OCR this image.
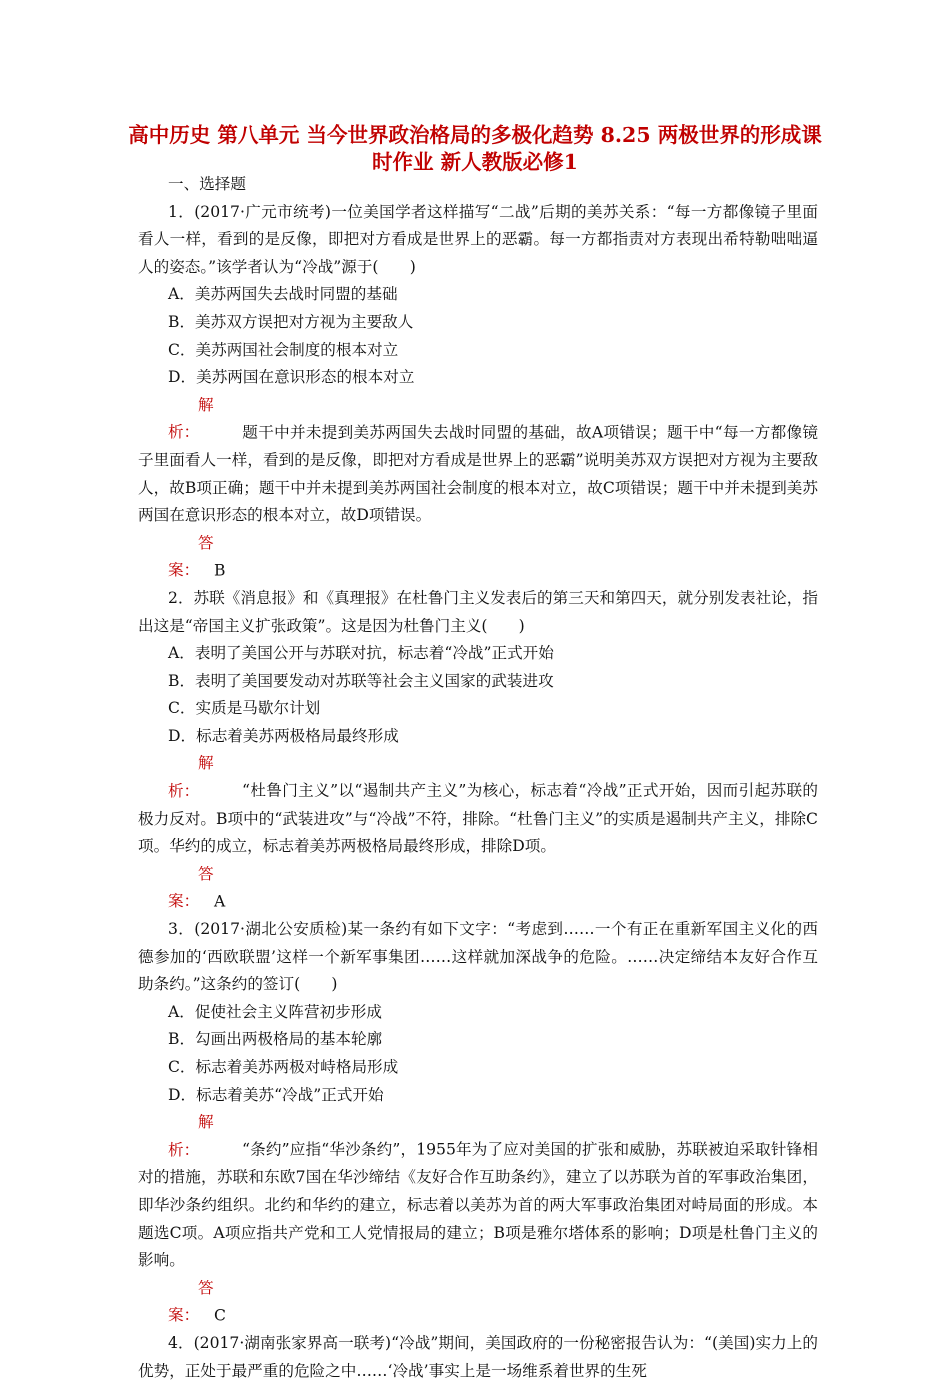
高中历史 第八单元 当今世界政治格局的多极化趋势 8.25 两极世界的形成课时作业 新人教版必修1

一、选择题

1．(2017·广元市统考)一位美国学者这样描写“二战”后期的美苏关系：“每一方都像镜子里面看人一样，看到的是反像，即把对方看成是世界上的恶霸。每一方都指责对方表现出希特勒咄咄逼人的姿态。”该学者认为“冷战”源于(　　)

A．美苏两国失去战时同盟的基础

B．美苏双方误把对方视为主要敌人

C．美苏两国社会制度的根本对立

D．美苏两国在意识形态的根本对立

解析：	题干中并未提到美苏两国失去战时同盟的基础，故A项错误；题干中“每一方都像镜子里面看人一样，看到的是反像，即把对方看成是世界上的恶霸”说明美苏双方误把对方视为主要敌人，故B项正确；题干中并未提到美苏两国社会制度的根本对立，故C项错误；题干中并未提到美苏两国在意识形态的根本对立，故D项错误。

答案： B

2．苏联《消息报》和《真理报》在杜鲁门主义发表后的第三天和第四天，就分别发表社论，指出这是“帝国主义扩张政策”。这是因为杜鲁门主义(　　)

A．表明了美国公开与苏联对抗，标志着“冷战”正式开始

B．表明了美国要发动对苏联等社会主义国家的武装进攻

C．实质是马歇尔计划

D．标志着美苏两极格局最终形成

解析：	“杜鲁门主义”以“遏制共产主义”为核心，标志着“冷战”正式开始，因而引起苏联的极力反对。B项中的“武装进攻”与“冷战”不符，排除。“杜鲁门主义”的实质是遏制共产主义，排除C项。华约的成立，标志着美苏两极格局最终形成，排除D项。

答案： A

3．(2017·湖北公安质检)某一条约有如下文字：“考虑到……一个有正在重新军国主义化的西德参加的‘西欧联盟’这样一个新军事集团……这样就加深战争的危险。……决定缔结本友好合作互助条约。”这条约的签订(　　)

A．促使社会主义阵营初步形成

B．勾画出两极格局的基本轮廓

C．标志着美苏两极对峙格局形成

D．标志着美苏“冷战”正式开始

解析：	“条约”应指“华沙条约”，1955年为了应对美国的扩张和威胁，苏联被迫采取针锋相对的措施，苏联和东欧7国在华沙缔结《友好合作互助条约》，建立了以苏联为首的军事政治集团，即华沙条约组织。北约和华约的建立，标志着以美苏为首的两大军事政治集团对峙局面的形成。本题选C项。A项应指共产党和工人党情报局的建立；B项是雅尔塔体系的影响；D项是杜鲁门主义的影响。

答案： C

4．(2017·湖南张家界高一联考)“冷战”期间，美国政府的一份秘密报告认为：“(美国)实力上的优势，正处于最严重的危险之中……‘冷战’事实上是一场维系着世界的生死
